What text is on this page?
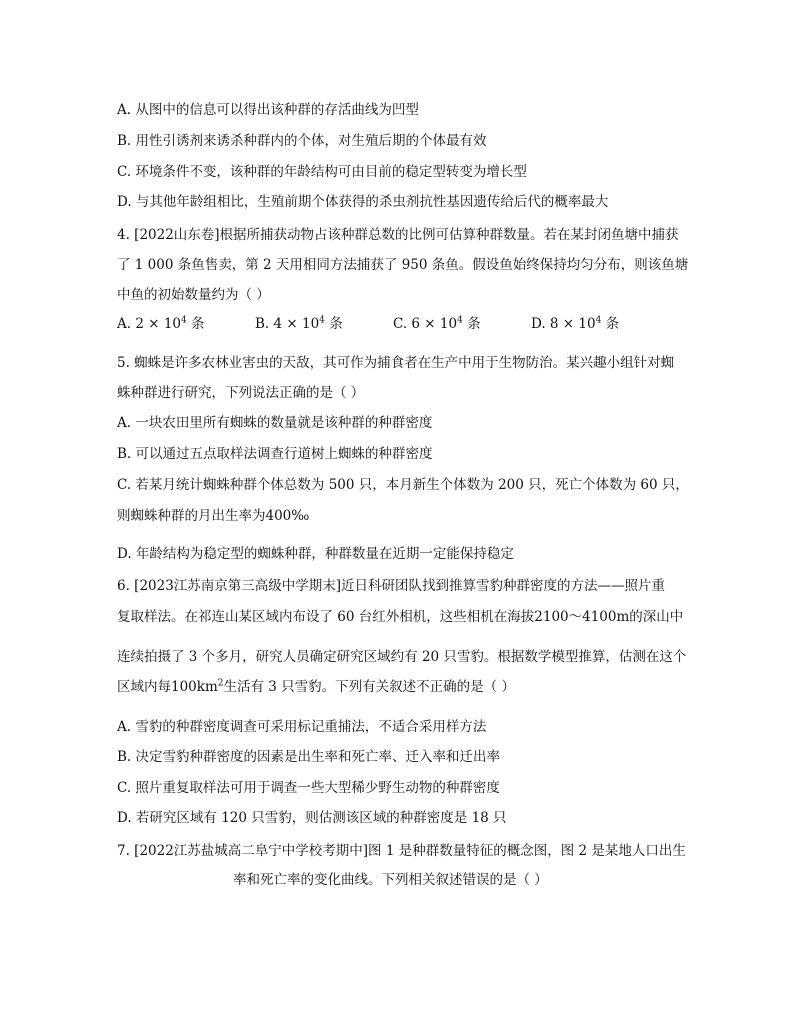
A. 从图中的信息可以得出该种群的存活曲线为凹型
B. 用性引诱剂来诱杀种群内的个体，对生殖后期的个体最有效
C. 环境条件不变，该种群的年龄结构可由目前的稳定型转变为增长型
D. 与其他年龄组相比，生殖前期个体获得的杀虫剂抗性基因遗传给后代的概率最大
4. [2022山东卷]根据所捕获动物占该种群总数的比例可估算种群数量。若在某封闭鱼塘中捕获
了 1 000 条鱼售卖，第 2 天用相同方法捕获了 950 条鱼。假设鱼始终保持均匀分布，则该鱼塘
中鱼的初始数量约为（ ）
A. $2 \times 10^4$ 条	B. $4 \times 10^4$ 条	C. $6 \times 10^4$ 条	D. $8 \times 10^4$ 条
5. 蜘蛛是许多农林业害虫的天敌，其可作为捕食者在生产中用于生物防治。某兴趣小组针对蜘
蛛种群进行研究，下列说法正确的是（ ）
A. 一块农田里所有蜘蛛的数量就是该种群的种群密度
B. 可以通过五点取样法调查行道树上蜘蛛的种群密度
C. 若某月统计蜘蛛种群个体总数为 500 只，本月新生个体数为 200 只，死亡个体数为 60 只，
则蜘蛛种群的月出生率为400‰
D. 年龄结构为稳定型的蜘蛛种群，种群数量在近期一定能保持稳定
6. [2023江苏南京第三高级中学期末]近日科研团队找到推算雪豹种群密度的方法——照片重
复取样法。在祁连山某区域内布设了 60 台红外相机，这些相机在海拔2100～4100m的深山中
连续拍摄了 3 个多月，研究人员确定研究区域约有 20 只雪豹。根据数学模型推算，估测在这个
区域内每$100km^2$生活有 3 只雪豹。下列有关叙述不正确的是（ ）
A. 雪豹的种群密度调查可采用标记重捕法，不适合采用样方法
B. 决定雪豹种群密度的因素是出生率和死亡率、迁入率和迁出率
C. 照片重复取样法可用于调查一些大型稀少野生动物的种群密度
D. 若研究区域有 120 只雪豹，则估测该区域的种群密度是 18 只
7. [2022江苏盐城高二阜宁中学校考期中]图 1 是种群数量特征的概念图，图 2 是某地人口出生
率和死亡率的变化曲线。下列相关叙述错误的是（ ）
